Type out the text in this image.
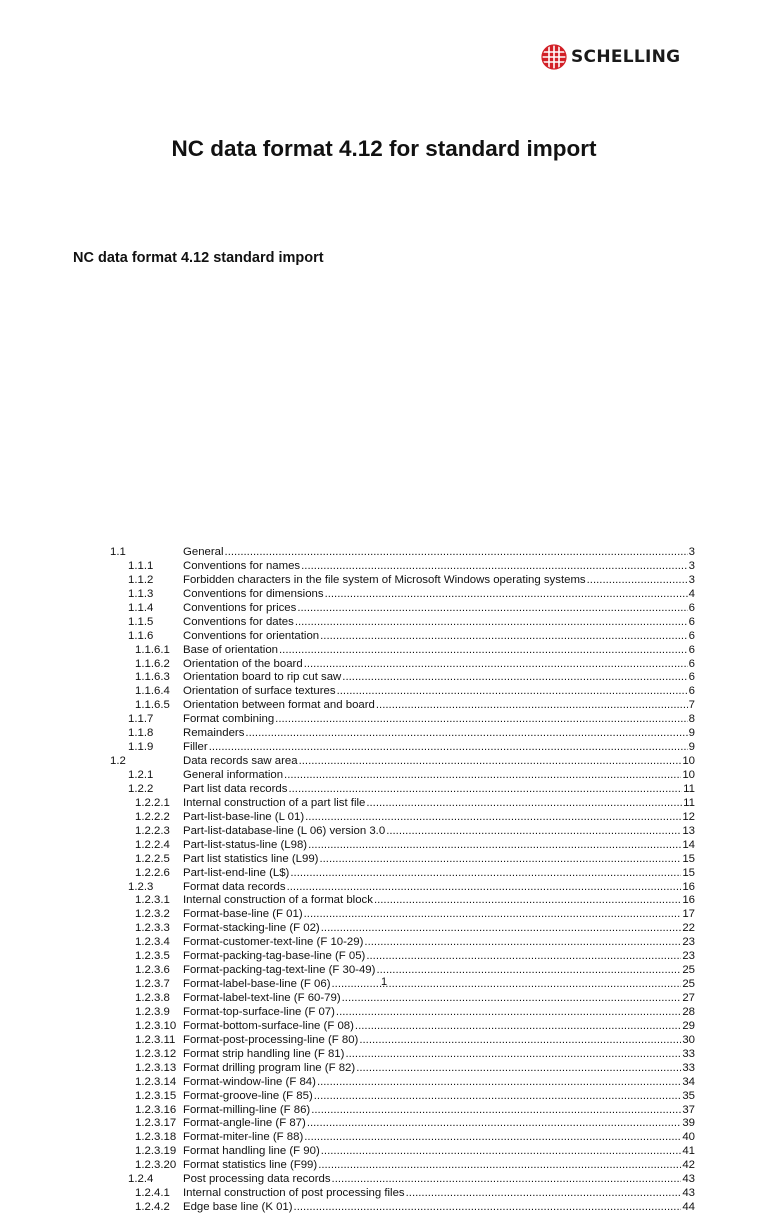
SCHELLING
NC data format 4.12 for standard import
NC data format 4.12 standard import
1.1	General .....	3
1.1.1	Conventions for names .....	3
1.1.2	Forbidden characters in the file system of Microsoft Windows operating systems .....	3
1.1.3	Conventions for dimensions .....	4
1.1.4	Conventions for prices .....	6
1.1.5	Conventions for dates .....	6
1.1.6	Conventions for orientation .....	6
1.1.6.1	Base of orientation .....	6
1.1.6.2	Orientation of the board .....	6
1.1.6.3	Orientation board to rip cut saw .....	6
1.1.6.4	Orientation of surface textures .....	6
1.1.6.5	Orientation between format and board .....	7
1.1.7	Format combining .....	8
1.1.8	Remainders .....	9
1.1.9	Filler .....	9
1.2	Data records saw area .....	10
1.2.1	General information .....	10
1.2.2	Part list data records .....	11
1.2.2.1	Internal construction of a part list file .....	11
1.2.2.2	Part-list-base-line (L 01) .....	12
1.2.2.3	Part-list-database-line (L 06) version 3.0 .....	13
1.2.2.4	Part-list-status-line (L98) .....	14
1.2.2.5	Part list statistics line (L99) .....	15
1.2.2.6	Part-list-end-line (L$) .....	15
1.2.3	Format data records .....	16
1.2.3.1	Internal construction of a format block .....	16
1.2.3.2	Format-base-line (F 01) .....	17
1.2.3.3	Format-stacking-line (F 02) .....	22
1.2.3.4	Format-customer-text-line (F 10-29) .....	23
1.2.3.5	Format-packing-tag-base-line (F 05) .....	23
1.2.3.6	Format-packing-tag-text-line (F 30-49) .....	25
1.2.3.7	Format-label-base-line (F 06) .....	25
1.2.3.8	Format-label-text-line (F 60-79) .....	27
1.2.3.9	Format-top-surface-line (F 07) .....	28
1.2.3.10 Format-bottom-surface-line (F 08) .....	29
1.2.3.11 Format-post-processing-line (F 80) .....	30
1.2.3.12 Format strip handling line (F 81) .....	33
1.2.3.13 Format drilling program line (F 82) .....	33
1.2.3.14 Format-window-line (F 84) .....	34
1.2.3.15 Format-groove-line (F 85) .....	35
1.2.3.16 Format-milling-line (F 86) .....	37
1.2.3.17 Format-angle-line (F 87) .....	39
1.2.3.18 Format-miter-line (F 88) .....	40
1.2.3.19 Format handling line (F 90) .....	41
1.2.3.20 Format statistics line (F99) .....	42
1.2.4	Post processing data records .....	43
1.2.4.1	Internal construction of post processing files .....	43
1.2.4.2	Edge base line (K 01) .....	44
1
